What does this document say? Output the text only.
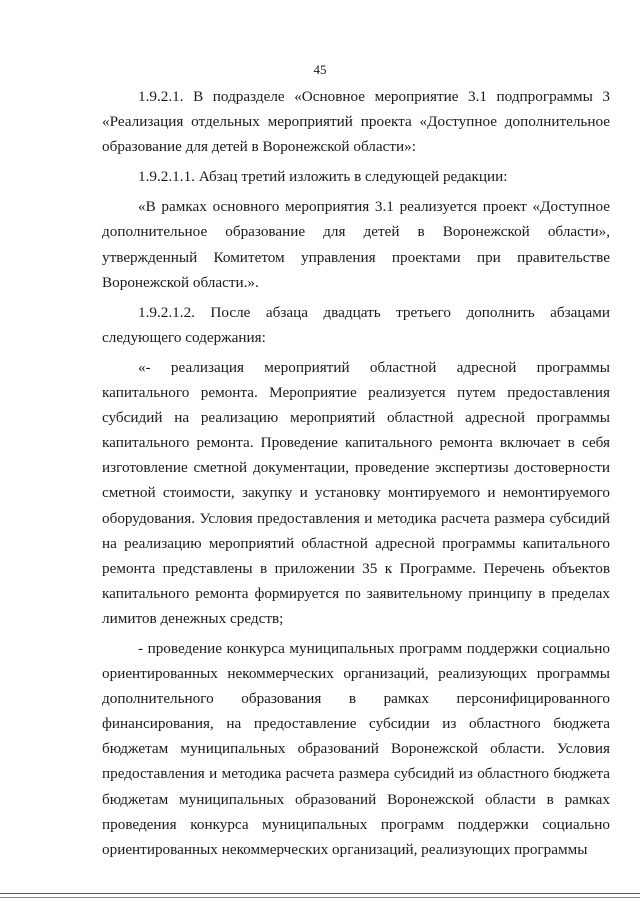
45

1.9.2.1. В подразделе «Основное мероприятие 3.1 подпрограммы 3 «Реализация отдельных мероприятий проекта «Доступное дополнительное образование для детей в Воронежской области»:

1.9.2.1.1. Абзац третий изложить в следующей редакции:

«В рамках основного мероприятия 3.1 реализуется проект «Доступное дополнительное образование для детей в Воронежской области», утвержденный Комитетом управления проектами при правительстве Воронежской области.».

1.9.2.1.2. После абзаца двадцать третьего дополнить абзацами следующего содержания:

«- реализация мероприятий областной адресной программы капитального ремонта. Мероприятие реализуется путем предоставления субсидий на реализацию мероприятий областной адресной программы капитального ремонта. Проведение капитального ремонта включает в себя изготовление сметной документации, проведение экспертизы достоверности сметной стоимости, закупку и установку монтируемого и немонтируемого оборудования. Условия предоставления и методика расчета размера субсидий на реализацию мероприятий областной адресной программы капитального ремонта представлены в приложении 35 к Программе. Перечень объектов капитального ремонта формируется по заявительному принципу в пределах лимитов денежных средств;

- проведение конкурса муниципальных программ поддержки социально ориентированных некоммерческих организаций, реализующих программы дополнительного образования в рамках персонифицированного финансирования, на предоставление субсидии из областного бюджета бюджетам муниципальных образований Воронежской области. Условия предоставления и методика расчета размера субсидий из областного бюджета бюджетам муниципальных образований Воронежской области в рамках проведения конкурса муниципальных программ поддержки социально ориентированных некоммерческих организаций, реализующих программы
